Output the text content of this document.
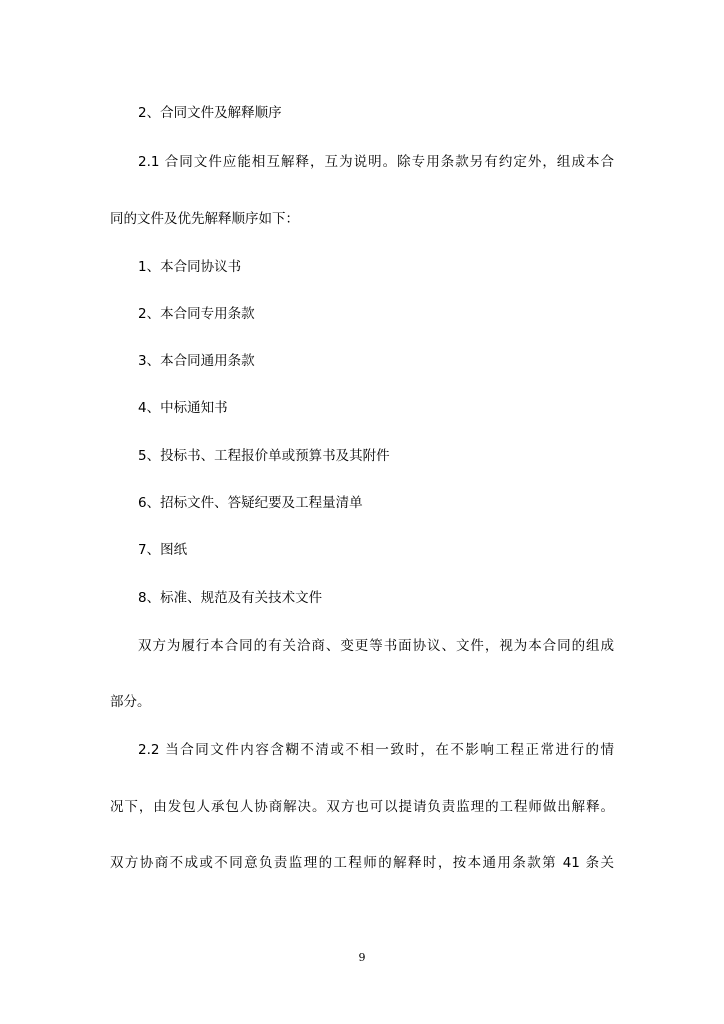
2、合同文件及解释顺序
2.1 合同文件应能相互解释，互为说明。除专用条款另有约定外，组成本合
同的文件及优先解释顺序如下：
1、本合同协议书
2、本合同专用条款
3、本合同通用条款
4、中标通知书
5、投标书、工程报价单或预算书及其附件
6、招标文件、答疑纪要及工程量清单
7、图纸
8、标准、规范及有关技术文件
双方为履行本合同的有关洽商、变更等书面协议、文件，视为本合同的组成
部分。
2.2 当合同文件内容含糊不清或不相一致时，在不影响工程正常进行的情
况下，由发包人承包人协商解决。双方也可以提请负责监理的工程师做出解释。
双方协商不成或不同意负责监理的工程师的解释时，按本通用条款第 41 条关
9
